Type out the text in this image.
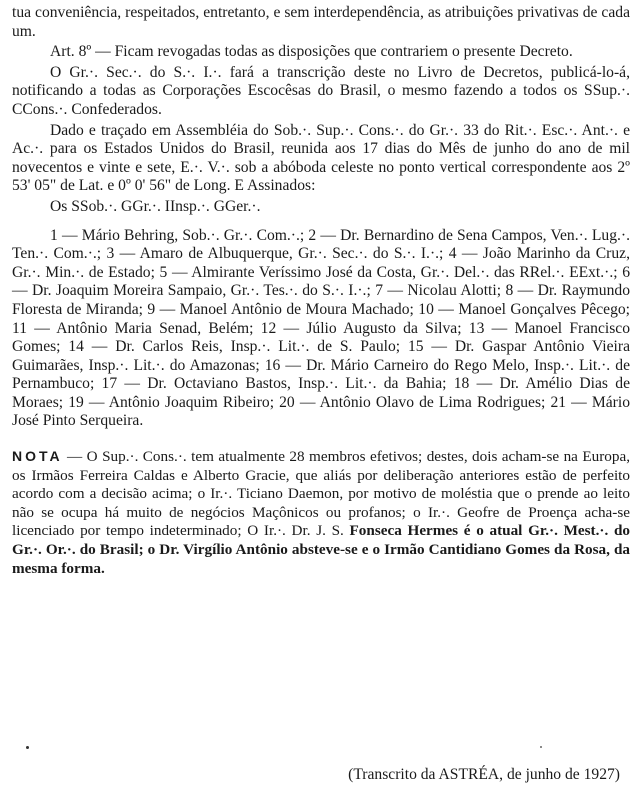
tua conveniência, respeitados, entretanto, e sem interdependência, as atribuições privativas de cada um.

Art. 8º — Ficam revogadas todas as disposições que contrariem o presente Decreto.

O Gr.·. Sec.·. do S.·. I.·. fará a transcrição deste no Livro de Decretos, publicá-lo-á, notificando a todas as Corporações Escocêsas do Brasil, o mesmo fazendo a todos os SSup.·. CCons.·. Confederados.

Dado e traçado em Assembléia do Sob.·. Sup.·. Cons.·. do Gr.·. 33 do Rit.·. Esc.·. Ant.·. e Ac.·. para os Estados Unidos do Brasil, reunida aos 17 dias do Mês de junho do ano de mil novecentos e vinte e sete, E.·. V.·. sob a abóboda celeste no ponto vertical correspondente aos 2º 53' 05" de Lat. e 0º 0' 56" de Long. E Assinados:

Os SSob.·. GGr.·. IInsp.·. GGer.·.

1 — Mário Behring, Sob.·. Gr.·. Com.·.; 2 — Dr. Bernardino de Sena Campos, Ven.·. Lug.·. Ten.·. Com.·.; 3 — Amaro de Albuquerque, Gr.·. Sec.·. do S.·. I.·.; 4 — João Marinho da Cruz, Gr.·. Min.·. de Estado; 5 — Almirante Veríssimo José da Costa, Gr.·. Del.·. das RRel.·. EExt.·.; 6 — Dr. Joaquim Moreira Sampaio, Gr.·. Tes.·. do S.·. I.·.; 7 — Nicolau Alotti; 8 — Dr. Raymundo Floresta de Miranda; 9 — Manoel Antônio de Moura Machado; 10 — Manoel Gonçalves Pêcego; 11 — Antônio Maria Senad, Belém; 12 — Júlio Augusto da Silva; 13 — Manoel Francisco Gomes; 14 — Dr. Carlos Reis, Insp.·. Lit.·. de S. Paulo; 15 — Dr. Gaspar Antônio Vieira Guimarães, Insp.·. Lit.·. do Amazonas; 16 — Dr. Mário Carneiro do Rego Melo, Insp.·. Lit.·. de Pernambuco; 17 — Dr. Octaviano Bastos, Insp.·. Lit.·. da Bahia; 18 — Dr. Amélio Dias de Moraes; 19 — Antônio Joaquim Ribeiro; 20 — Antônio Olavo de Lima Rodrigues; 21 — Mário José Pinto Serqueira.

NOTA — O Sup.·. Cons.·. tem atualmente 28 membros efetivos; destes, dois acham-se na Europa, os Irmãos Ferreira Caldas e Alberto Gracie, que aliás por deliberação anteriores estão de perfeito acordo com a decisão acima; o Ir.·. Ticiano Daemon, por motivo de moléstia que o prende ao leito não se ocupa há muito de negócios Maçônicos ou profanos; o Ir.·. Geofre de Proença acha-se licenciado por tempo indeterminado; O Ir.·. Dr. J. S. Fonseca Hermes é o atual Gr.·. Mest.·. do Gr.·. Or.·. do Brasil; o Dr. Virgílio Antônio absteve-se e o Irmão Cantidiano Gomes da Rosa, da mesma forma.

(Transcrito da ASTRÉA, de junho de 1927)
